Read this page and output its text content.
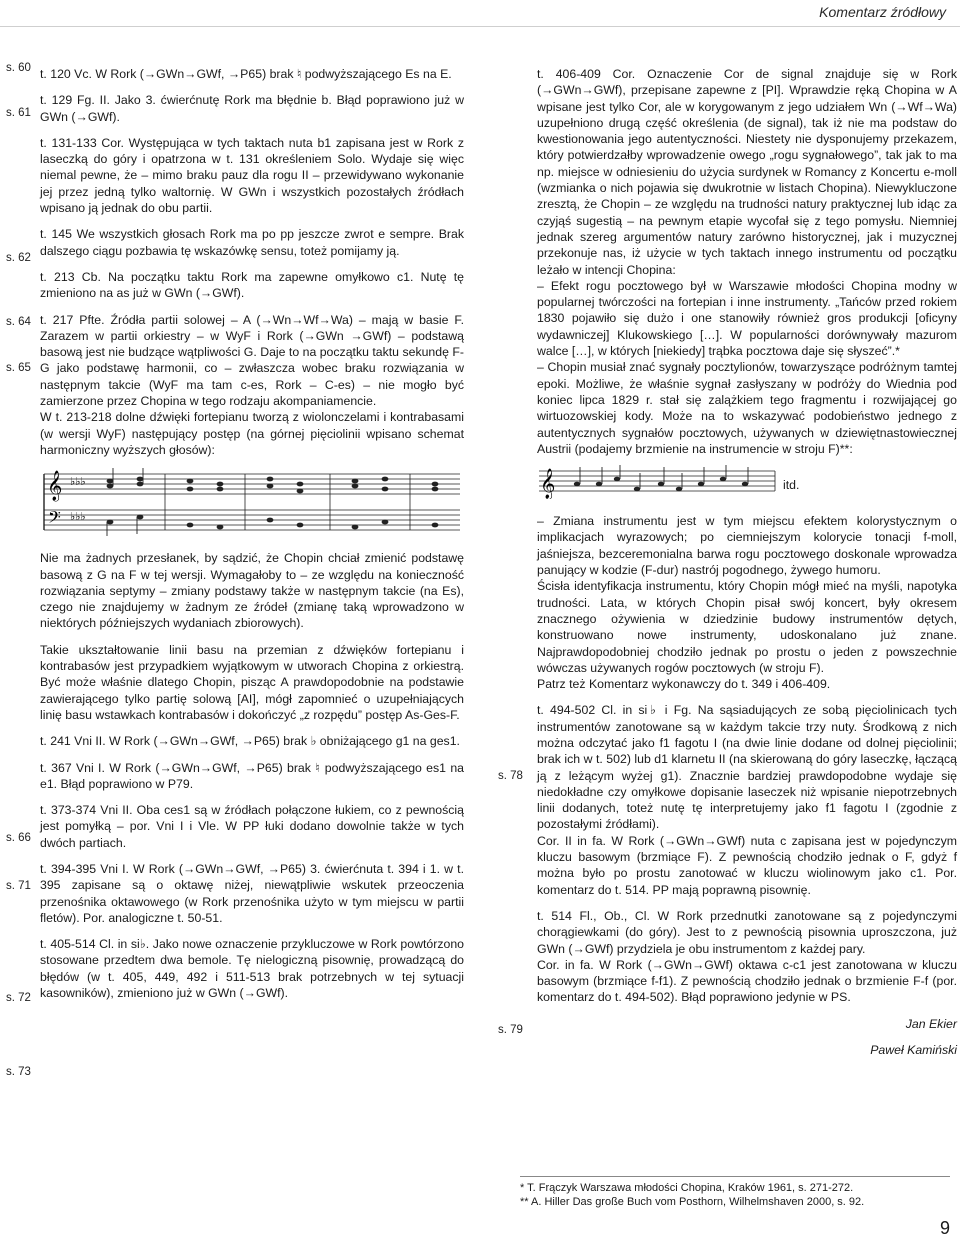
Komentarz źródłowy
s. 60
s. 61
s. 62
s. 64
s. 65
s. 66
s. 71
s. 72
s. 73
s. 78
s. 79

t. 120 Vc. W Rork (→GWn→GWf, →P65) brak ♮ podwyższającego Es na E.

t. 129 Fg. II. Jako 3. ćwierćnutę Rork ma błędnie b. Błąd poprawiono już w GWn (→GWf).

t. 131-133 Cor. Występująca w tych taktach nuta b1 zapisana jest w Rork z laseczką do góry i opatrzona w t. 131 określeniem Solo. Wydaje się więc niemal pewne, że – mimo braku pauz dla rogu II – przewidywano wykonanie jej przez jedną tylko waltornię. W GWn i wszystkich pozostałych źródłach wpisano ją jednak do obu partii.

t. 145 We wszystkich głosach Rork ma po pp jeszcze zwrot e sempre. Brak dalszego ciągu pozbawia tę wskazówkę sensu, toteż pomijamy ją.

t. 213 Cb. Na początku taktu Rork ma zapewne omyłkowo c1. Nutę tę zmieniono na as już w GWn (→GWf).

t. 217 Pfte. Źródła partii solowej – A (→Wn→Wf→Wa) – mają w basie F. Zarazem w partii orkiestry – w WyF i Rork (→GWn →GWf) – podstawą basową jest nie budzące wątpliwości G. Daje to na początku taktu sekundę F-G jako podstawę harmonii, co – zwłaszcza wobec braku rozwiązania w następnym takcie (WyF ma tam c-es, Rork – C-es) – nie mogło być zamierzone przez Chopina w tego rodzaju akompaniamencie.

W t. 213-218 dolne dźwięki fortepianu tworzą z wiolonczelami i kontrabasami (w wersji WyF) następujący postęp (na górnej pięciolinii wpisano schemat harmoniczny wyższych głosów):

𝄞
𝄢
♭♭♭
♭♭♭

Nie ma żadnych przesłanek, by sądzić, że Chopin chciał zmienić podstawę basową z G na F w tej wersji. Wymagałoby to – ze względu na konieczność rozwiązania septymy – zmiany podstawy także w następnym takcie (na Es), czego nie znajdujemy w żadnym ze źródeł (zmianę taką wprowadzono w niektórych późniejszych wydaniach zbiorowych).

Takie ukształtowanie linii basu na przemian z dźwięków fortepianu i kontrabasów jest przypadkiem wyjątkowym w utworach Chopina z orkiestrą. Być może właśnie dlatego Chopin, pisząc A prawdopodobnie na podstawie zawierającego tylko partię solową [AI], mógł zapomnieć o uzupełniających linię basu wstawkach kontrabasów i dokończyć „z rozpędu” postęp As-Ges-F.

t. 241 Vni II. W Rork (→GWn→GWf, →P65) brak ♭ obniżającego g1 na ges1.

t. 367 Vni I. W Rork (→GWn→GWf, →P65) brak ♮ podwyższającego es1 na e1. Błąd poprawiono w P79.

t. 373-374 Vni II. Oba ces1 są w źródłach połączone łukiem, co z pewnością jest pomyłką – por. Vni I i Vle. W PP łuki dodano dowolnie także w tych dwóch partiach.

t. 394-395 Vni I. W Rork (→GWn→GWf, →P65) 3. ćwierćnuta t. 394 i 1. w t. 395 zapisane są o oktawę niżej, niewątpliwie wskutek przeoczenia przenośnika oktawowego (w Rork przenośnika użyto w tym miejscu w partii fletów). Por. analogiczne t. 50-51.

t. 405-514 Cl. in si♭. Jako nowe oznaczenie przykluczowe w Rork powtórzono stosowane przedtem dwa bemole. Tę nielogiczną pisownię, prowadzącą do błędów (w t. 405, 449, 492 i 511-513 brak potrzebnych w tej sytuacji kasowników), zmieniono już w GWn (→GWf).

t. 406-409 Cor. Oznaczenie Cor de signal znajduje się w Rork (→GWn→GWf), przepisane zapewne z [PI]. Wprawdzie ręką Chopina w A wpisane jest tylko Cor, ale w korygowanym z jego udziałem Wn (→Wf→Wa) uzupełniono drugą część określenia (de signal), tak iż nie ma podstaw do kwestionowania jego autentyczności. Niestety nie dysponujemy przekazem, który potwierdzałby wprowadzenie owego „rogu sygnałowego”, tak jak to ma np. miejsce w odniesieniu do użycia surdynek w Romancy z Koncertu e-moll (wzmianka o nich pojawia się dwukrotnie w listach Chopina). Niewykluczone zresztą, że Chopin – ze względu na trudności natury praktycznej lub idąc za czyjąś sugestią – na pewnym etapie wycofał się z tego pomysłu. Niemniej jednak szereg argumentów natury zarówno historycznej, jak i muzycznej przekonuje nas, iż użycie w tych taktach innego instrumentu od początku leżało w intencji Chopina:

– Efekt rogu pocztowego był w Warszawie młodości Chopina modny w popularnej twórczości na fortepian i inne instrumenty. „Tańców przed rokiem 1830 pojawiło się dużo i one stanowiły również gros produkcji [oficyny wydawniczej] Klukowskiego […]. W popularności dorównywały mazurom walce […], w których [niekiedy] trąbka pocztowa daje się słyszeć”.*

– Chopin musiał znać sygnały pocztylionów, towarzyszące podróżnym tamtej epoki. Możliwe, że właśnie sygnał zasłyszany w podróży do Wiednia pod koniec lipca 1829 r. stał się zalążkiem tego fragmentu i rozwijającej go wirtuozowskiej kody. Może na to wskazywać podobieństwo jednego z autentycznych sygnałów pocztowych, używanych w dziewiętnastowiecznej Austrii (podajemy brzmienie na instrumencie w stroju F)**:

𝄞	itd.

– Zmiana instrumentu jest w tym miejscu efektem kolorystycznym o implikacjach wyrazowych; po ciemniejszym kolorycie tonacji f-moll, jaśniejsza, bezceremonialna barwa rogu pocztowego doskonale wprowadza panujący w kodzie (F-dur) nastrój pogodnego, żywego humoru.

Ścisła identyfikacja instrumentu, który Chopin mógł mieć na myśli, napotyka trudności. Lata, w których Chopin pisał swój koncert, były okresem znacznego ożywienia w dziedzinie budowy instrumentów dętych, konstruowano nowe instrumenty, udoskonalano już znane. Najprawdopodobniej chodziło jednak po prostu o jeden z powszechnie wówczas używanych rogów pocztowych (w stroju F).

Patrz też Komentarz wykonawczy do t. 349 i 406-409.

t. 494-502 Cl. in si♭ i Fg. Na sąsiadujących ze sobą pięciolinicach tych instrumentów zanotowane są w każdym takcie trzy nuty. Środkową z nich można odczytać jako f1 fagotu I (na dwie linie dodane od dolnej pięciolinii; brak ich w t. 502) lub d1 klarnetu II (na skierowaną do góry laseczkę, łączącą ją z leżącym wyżej g1). Znacznie bardziej prawdopodobne wydaje się niedokładne czy omyłkowe dopisanie laseczek niż wpisanie niepotrzebnych linii dodanych, toteż nutę tę interpretujemy jako f1 fagotu I (zgodnie z pozostałymi źródłami).

Cor. II in fa. W Rork (→GWn→GWf) nuta c zapisana jest w pojedynczym kluczu basowym (brzmiące F). Z pewnością chodziło jednak o F, gdyż f można było po prostu zanotować w kluczu wiolinowym jako c1. Por. komentarz do t. 514. PP mają poprawną pisownię.

t. 514 Fl., Ob., Cl. W Rork przednutki zanotowane są z pojedynczymi chorągiewkami (do góry). Jest to z pewnością pisownia uproszczona, już GWn (→GWf) przydziela je obu instrumentom z każdej pary.

Cor. in fa. W Rork (→GWn→GWf) oktawa c-c1 jest zanotowana w kluczu basowym (brzmiące f-f1). Z pewnością chodziło jednak o brzmienie F-f (por. komentarz do t. 494-502). Błąd poprawiono jedynie w PS.

Jan Ekier

Paweł Kamiński

* T. Frączyk Warszawa młodości Chopina, Kraków 1961, s. 271-272.

** A. Hiller Das große Buch vom Posthorn, Wilhelmshaven 2000, s. 92.

9
